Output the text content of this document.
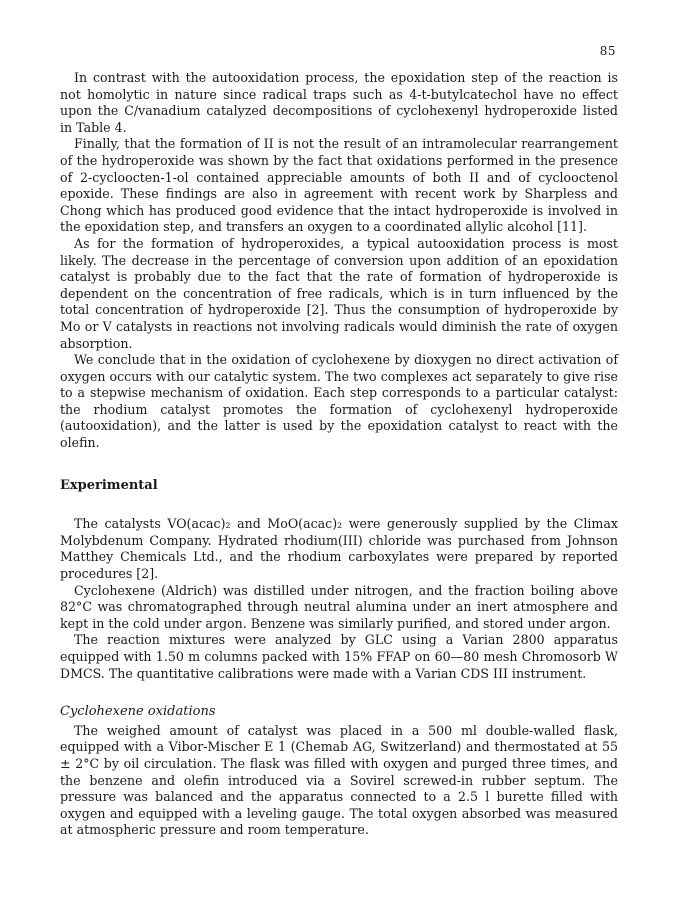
85

In contrast with the autooxidation process, the epoxidation step of the reaction is not homolytic in nature since radical traps such as 4-t-butylcatechol have no effect upon the C/vanadium catalyzed decompositions of cyclohexenyl hydroperoxide listed in Table 4.

Finally, that the formation of II is not the result of an intramolecular rearrangement of the hydroperoxide was shown by the fact that oxidations performed in the presence of 2-cycloocten-1-ol contained appreciable amounts of both II and of cyclooctenol epoxide. These findings are also in agreement with recent work by Sharpless and Chong which has produced good evidence that the intact hydroperoxide is involved in the epoxidation step, and transfers an oxygen to a coordinated allylic alcohol [11].

As for the formation of hydroperoxides, a typical autooxidation process is most likely. The decrease in the percentage of conversion upon addition of an epoxidation catalyst is probably due to the fact that the rate of formation of hydroperoxide is dependent on the concentration of free radicals, which is in turn influenced by the total concentration of hydroperoxide [2]. Thus the consumption of hydroperoxide by Mo or V catalysts in reactions not involving radicals would diminish the rate of oxygen absorption.

We conclude that in the oxidation of cyclohexene by dioxygen no direct activation of oxygen occurs with our catalytic system. The two complexes act separately to give rise to a stepwise mechanism of oxidation. Each step corresponds to a particular catalyst: the rhodium catalyst promotes the formation of cyclohexenyl hydroperoxide (autooxidation), and the latter is used by the epoxidation catalyst to react with the olefin.

Experimental

The catalysts VO(acac)₂ and MoO(acac)₂ were generously supplied by the Climax Molybdenum Company. Hydrated rhodium(III) chloride was purchased from Johnson Matthey Chemicals Ltd., and the rhodium carboxylates were prepared by reported procedures [2].

Cyclohexene (Aldrich) was distilled under nitrogen, and the fraction boiling above 82°C was chromatographed through neutral alumina under an inert atmosphere and kept in the cold under argon. Benzene was similarly purified, and stored under argon.

The reaction mixtures were analyzed by GLC using a Varian 2800 apparatus equipped with 1.50 m columns packed with 15% FFAP on 60—80 mesh Chromosorb W DMCS. The quantitative calibrations were made with a Varian CDS III instrument.

Cyclohexene oxidations

The weighed amount of catalyst was placed in a 500 ml double-walled flask, equipped with a Vibor-Mischer E 1 (Chemab AG, Switzerland) and thermostated at 55 ± 2°C by oil circulation. The flask was filled with oxygen and purged three times, and the benzene and olefin introduced via a Sovirel screwed-in rubber septum. The pressure was balanced and the apparatus connected to a 2.5 l burette filled with oxygen and equipped with a leveling gauge. The total oxygen absorbed was measured at atmospheric pressure and room temperature.
